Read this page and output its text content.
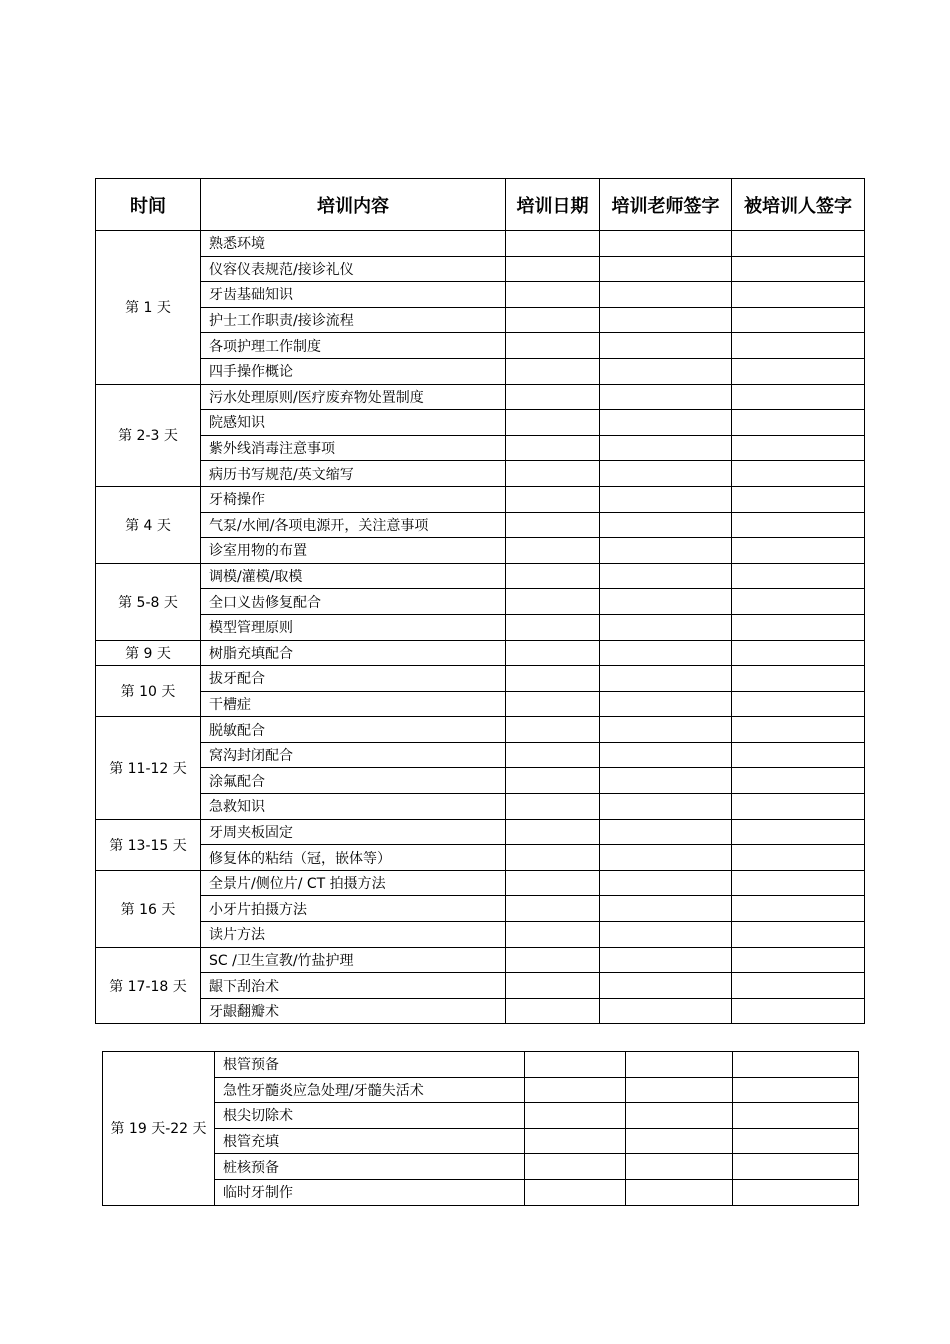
时间	培训内容	培训日期	培训老师签字	被培训人签字
第 1 天	熟悉环境			
	仪容仪表规范/接诊礼仪			
	牙齿基础知识			
	护士工作职责/接诊流程			
	各项护理工作制度			
	四手操作概论			
第 2-3 天	污水处理原则/医疗废弃物处置制度			
	院感知识			
	紫外线消毒注意事项			
	病历书写规范/英文缩写			
第 4 天	牙椅操作			
	气泵/水闸/各项电源开，关注意事项			
	诊室用物的布置			
第 5-8 天	调模/灌模/取模			
	全口义齿修复配合			
	模型管理原则			
第 9 天	树脂充填配合			
第 10 天	拔牙配合			
	干槽症			
第 11-12 天	脱敏配合			
	窝沟封闭配合			
	涂氟配合			
	急救知识			
第 13-15 天	牙周夹板固定			
	修复体的粘结（冠，嵌体等）			
第 16 天	全景片/侧位片/ CT 拍摄方法			
	小牙片拍摄方法			
	读片方法			
第 17-18 天	SC /卫生宣教/竹盐护理			
	龈下刮治术			
	牙龈翻瓣术			
第 19 天-22 天	根管预备			
	急性牙髓炎应急处理/牙髓失活术			
	根尖切除术			
	根管充填			
	桩核预备			
	临时牙制作			
